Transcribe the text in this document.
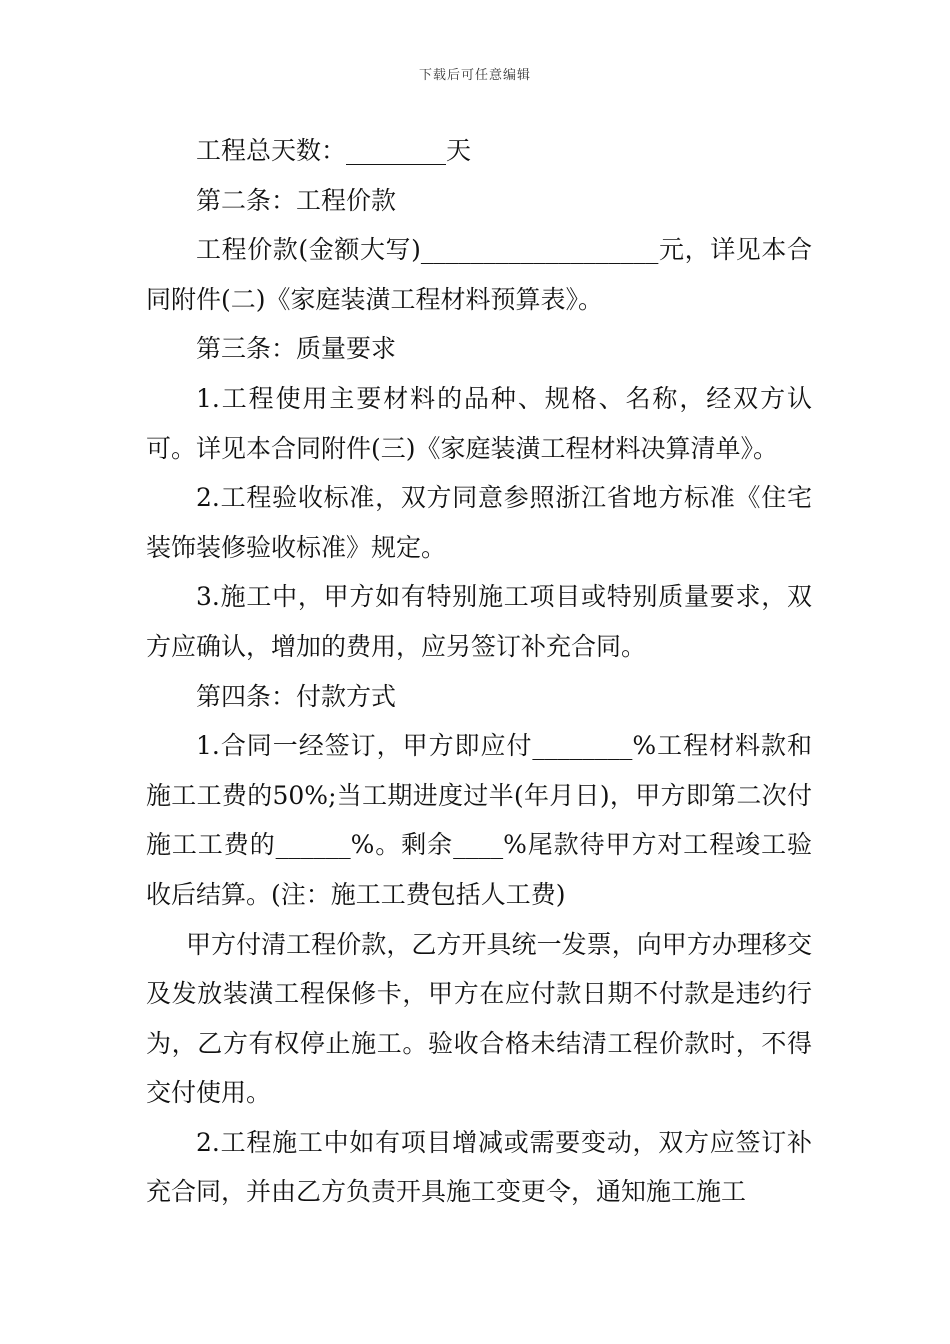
下载后可任意编辑

工程总天数：________天

第二条：工程价款

工程价款(金额大写)___________________元，详见本合同附件(二)《家庭装潢工程材料预算表》。

第三条：质量要求

1.工程使用主要材料的品种、规格、名称，经双方认可。详见本合同附件(三)《家庭装潢工程材料决算清单》。

2.工程验收标准，双方同意参照浙江省地方标准《住宅装饰装修验收标准》规定。

3.施工中，甲方如有特别施工项目或特别质量要求，双方应确认，增加的费用，应另签订补充合同。

第四条：付款方式

1.合同一经签订，甲方即应付________%工程材料款和施工工费的50%;当工期进度过半(年月日)，甲方即第二次付施工工费的______%。剩余____%尾款待甲方对工程竣工验收后结算。(注：施工工费包括人工费)

甲方付清工程价款，乙方开具统一发票，向甲方办理移交及发放装潢工程保修卡，甲方在应付款日期不付款是违约行为，乙方有权停止施工。验收合格未结清工程价款时，不得交付使用。

2.工程施工中如有项目增减或需要变动，双方应签订补充合同，并由乙方负责开具施工变更令，通知施工施工
